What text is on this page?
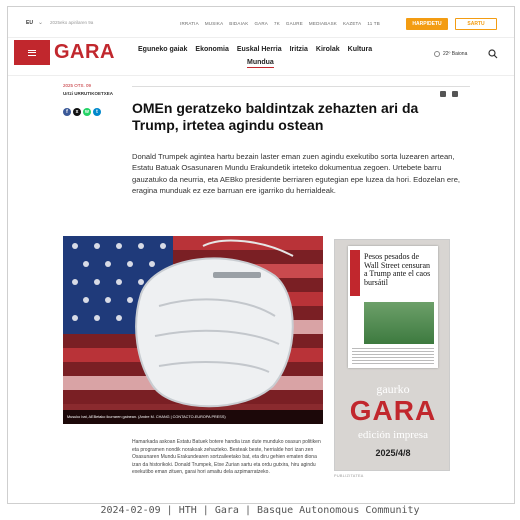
EU ⌄ 2025eko apirilaren 9a	IRRATIA MUSIKA BIDAIAK GARA 7K GAURE MEDIABASK KAZETA 11 TB	HARPIDETU	SARTU
GARA	Eguneko gaiak Ekonomia Euskal Herria Iritzia Kirolak Kultura
Mundua
22º Baiona
2025 OTS. 09
Urtzi URRUTIKOETXEA
f	x	w	t OMEn geratzeko baldintzak zehazten ari da Trump, irtetea agindu ostean

Donald Trumpek agintea hartu bezain laster eman zuen agindu exekutibo sorta luzearen artean, Estatu Batuak Osasunaren Mundu Erakundetik irteteko dokumentua zegoen. Urtebete barru gauzatuko da neurria, eta AEBko presidente berriaren egutegian epe luzea da hori. Edozelan ere, eragina munduak ez eze barruan ere igarriko du herrialdeak.

Musuko bat, AEBetako ikurraren gainean. (Andre M. CHANG | CONTACTO-EUROPA PRESS)

Hamarkada askoan Estatu Batuek botere handia izan dute munduko osasun politiken eta programen nondik norakoak zehazteko. Besteak beste, herrialde hori izan zen Osasunaren Mundu Erakundearen sortzaileetako bat, eta diru gehien ematen diona izan da historikoki. Donald Trumpek, Etxe Zurian sartu eta ordu gutxira, hiru agindu exekutibo eman zituen, garai hori amaitu dela azpimarratzeko.

Pesos pesados de Wall Street censuran a Trump ante el caos bursátil
gaurko
GARA
edición impresa
2025/4/8
PUBLIZITATEA
2024-02-09 | HTH | Gara | Basque Autonomous Community
